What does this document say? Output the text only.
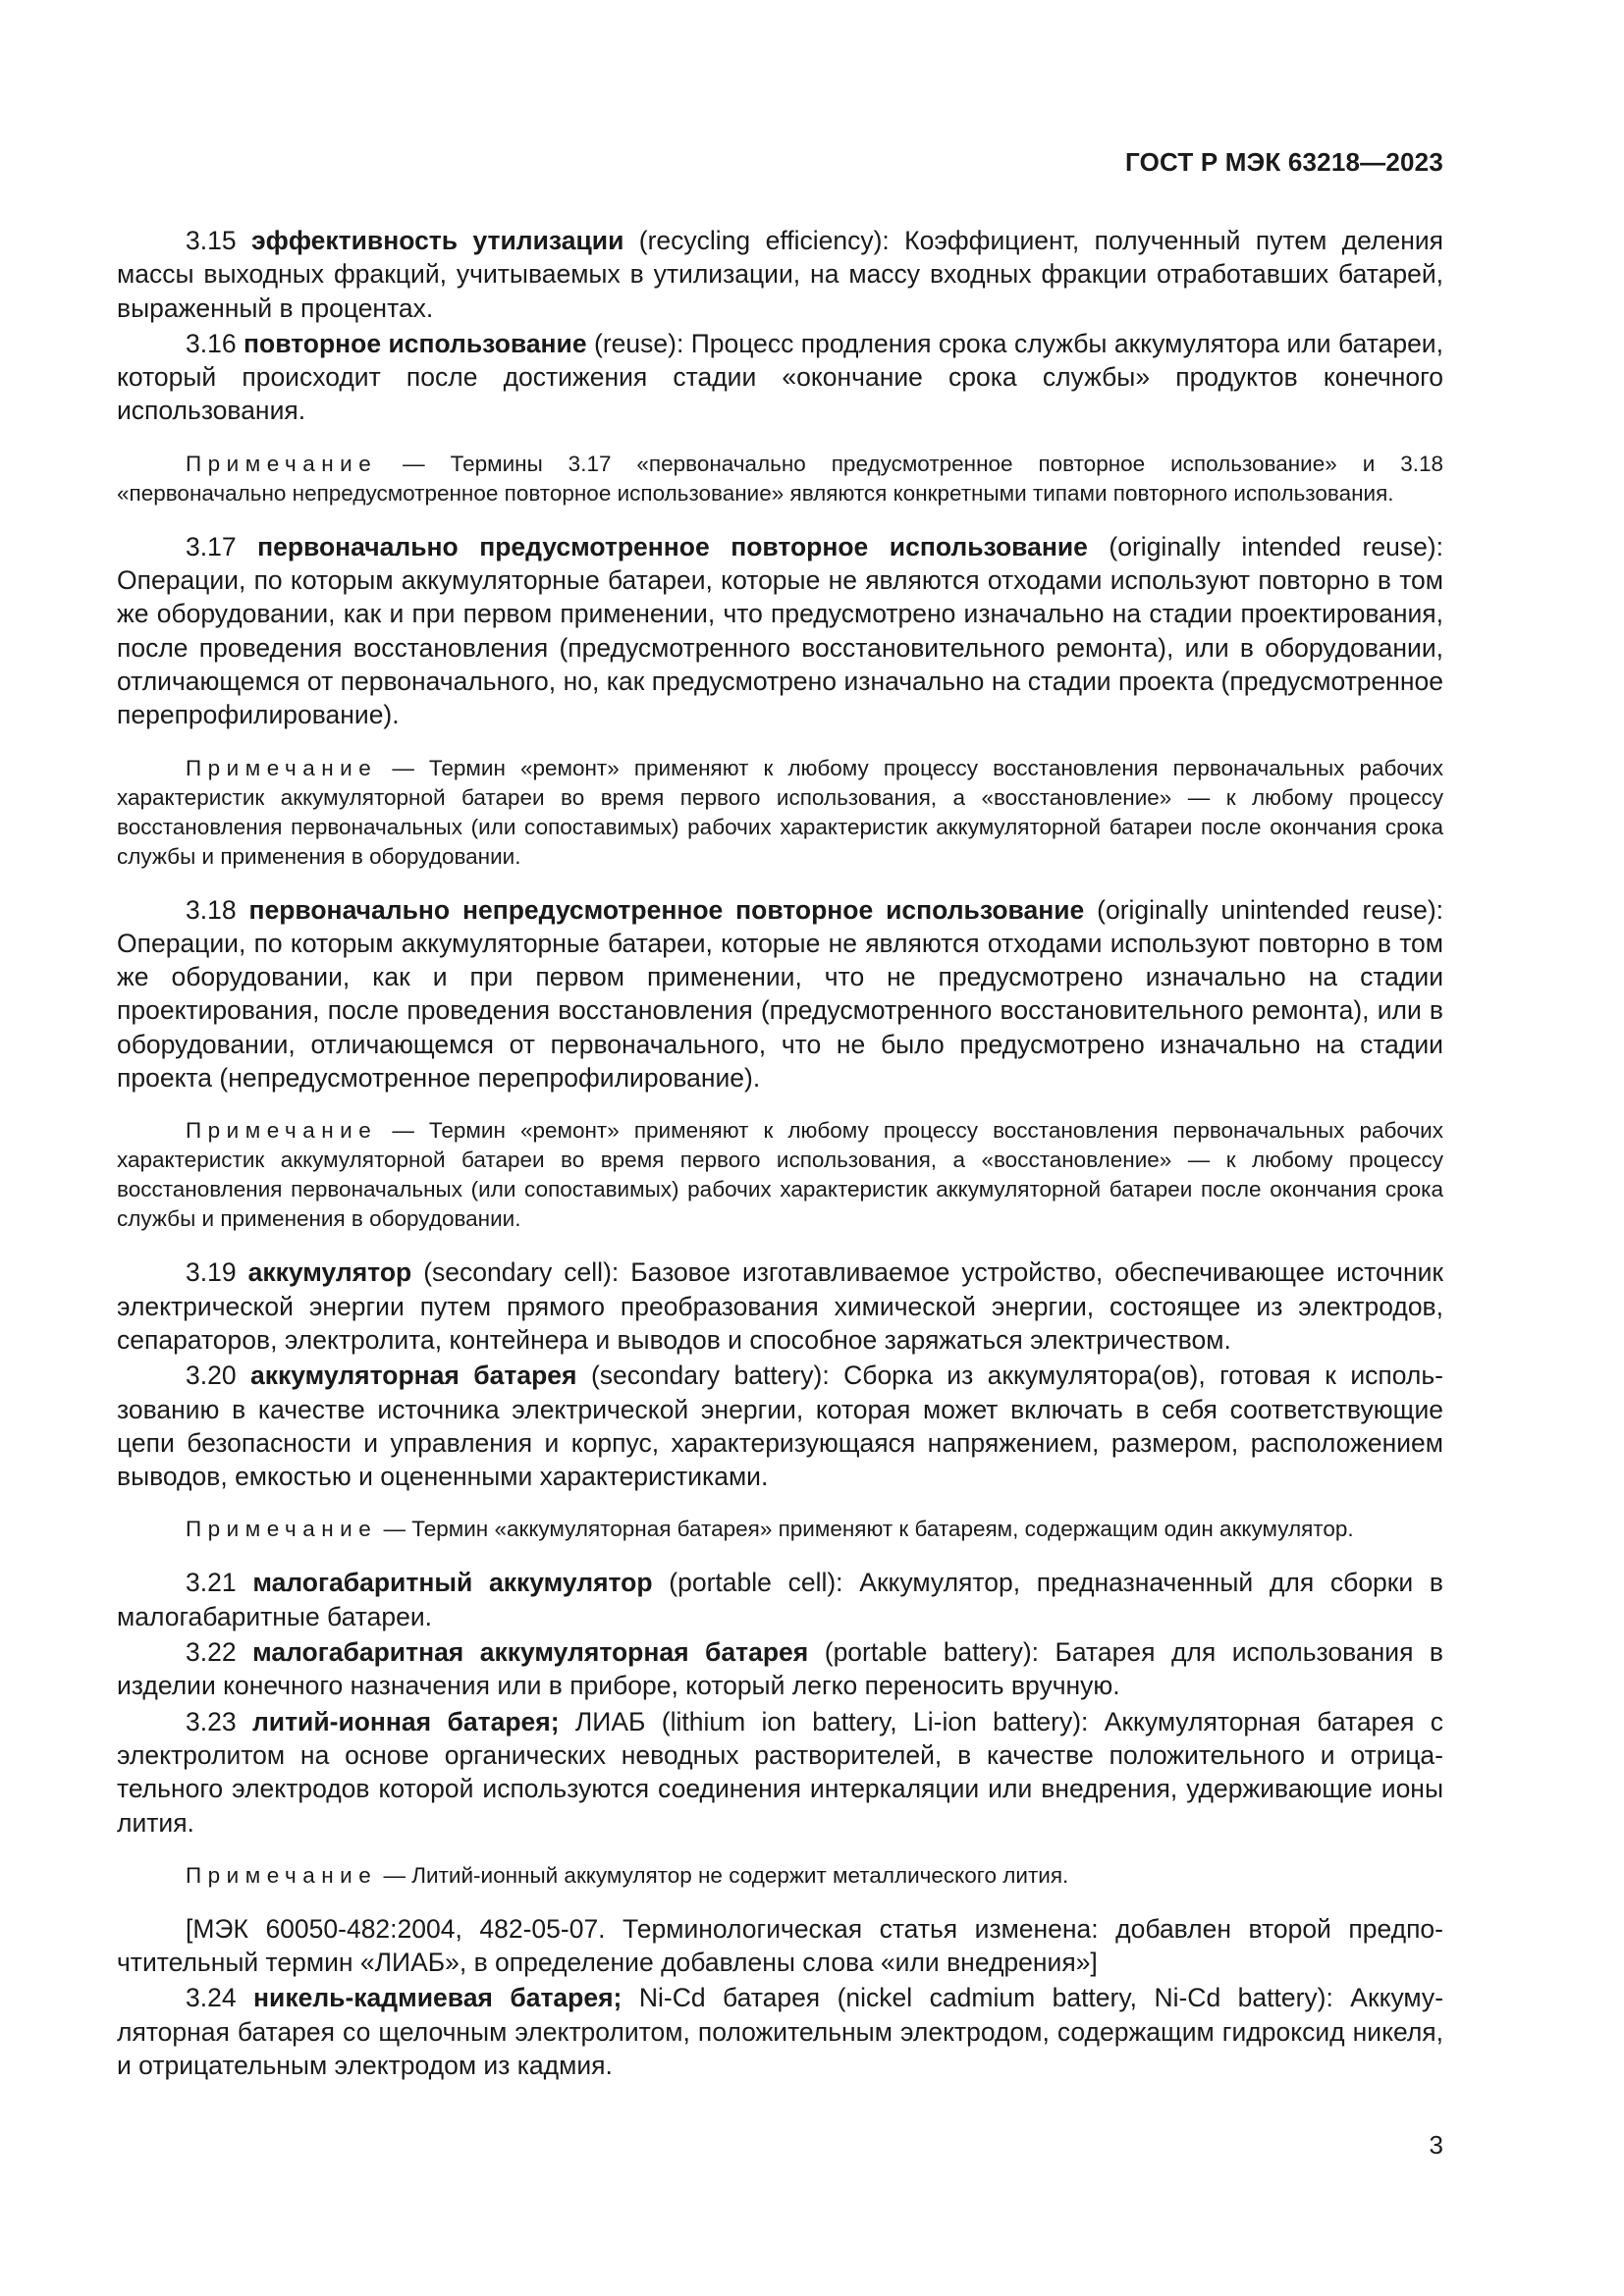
ГОСТ Р МЭК 63218—2023

3.15 эффективность утилизации (recycling efficiency): Коэффициент, полученный путем деления массы выходных фракций, учитываемых в утилизации, на массу входных фракции отработавших батарей, выраженный в процентах.

3.16 повторное использование (reuse): Процесс продления срока службы аккумулятора или батареи, который происходит после достижения стадии «окончание срока службы» продуктов конечного использования.

Примечание — Термины 3.17 «первоначально предусмотренное повторное использование» и 3.18 «первоначально непредусмотренное повторное использование» являются конкретными типами повторного использования.

3.17 первоначально предусмотренное повторное использование (originally intended reuse): Операции, по которым аккумуляторные батареи, которые не являются отходами используют повторно в том же оборудовании, как и при первом применении, что предусмотрено изначально на стадии проектирования, после проведения восстановления (предусмотренного восстановительного ремонта), или в оборудовании, отличающемся от первоначального, но, как предусмотрено изначально на стадии проекта (предусмотренное перепрофилирование).

Примечание — Термин «ремонт» применяют к любому процессу восстановления первоначальных рабочих характеристик аккумуляторной батареи во время первого использования, а «восстановление» — к любому процессу восстановления первоначальных (или сопоставимых) рабочих характеристик аккумуляторной батареи после окончания срока службы и применения в оборудовании.

3.18 первоначально непредусмотренное повторное использование (originally unintended reuse): Операции, по которым аккумуляторные батареи, которые не являются отходами используют повторно в том же оборудовании, как и при первом применении, что не предусмотрено изначально на стадии проектирования, после проведения восстановления (предусмотренного восстановительного ремонта), или в оборудовании, отличающемся от первоначального, что не было предусмотрено изначально на стадии проекта (непредусмотренное перепрофилирование).

Примечание — Термин «ремонт» применяют к любому процессу восстановления первоначальных рабочих характеристик аккумуляторной батареи во время первого использования, а «восстановление» — к любому процессу восстановления первоначальных (или сопоставимых) рабочих характеристик аккумуляторной батареи после окончания срока службы и применения в оборудовании.

3.19 аккумулятор (secondary cell): Базовое изготавливаемое устройство, обеспечивающее источник электрической энергии путем прямого преобразования химической энергии, состоящее из электродов, сепараторов, электролита, контейнера и выводов и способное заряжаться электричеством.

3.20 аккумуляторная батарея (secondary battery): Сборка из аккумулятора(ов), готовая к использованию в качестве источника электрической энергии, которая может включать в себя соответствующие цепи безопасности и управления и корпус, характеризующаяся напряжением, размером, расположением выводов, емкостью и оцененными характеристиками.

Примечание — Термин «аккумуляторная батарея» применяют к батареям, содержащим один аккумулятор.

3.21 малогабаритный аккумулятор (portable cell): Аккумулятор, предназначенный для сборки в малогабаритные батареи.

3.22 малогабаритная аккумуляторная батарея (portable battery): Батарея для использования в изделии конечного назначения или в приборе, который легко переносить вручную.

3.23 литий-ионная батарея; ЛИАБ (lithium ion battery, Li-ion battery): Аккумуляторная батарея с электролитом на основе органических неводных растворителей, в качестве положительного и отрицательного электродов которой используются соединения интеркаляции или внедрения, удерживающие ионы лития.

Примечание — Литий-ионный аккумулятор не содержит металлического лития.

[МЭК 60050-482:2004, 482-05-07. Терминологическая статья изменена: добавлен второй предпочтительный термин «ЛИАБ», в определение добавлены слова «или внедрения»]

3.24 никель-кадмиевая батарея; Ni-Cd батарея (nickel cadmium battery, Ni-Cd battery): Аккумуляторная батарея со щелочным электролитом, положительным электродом, содержащим гидроксид никеля, и отрицательным электродом из кадмия.

3
